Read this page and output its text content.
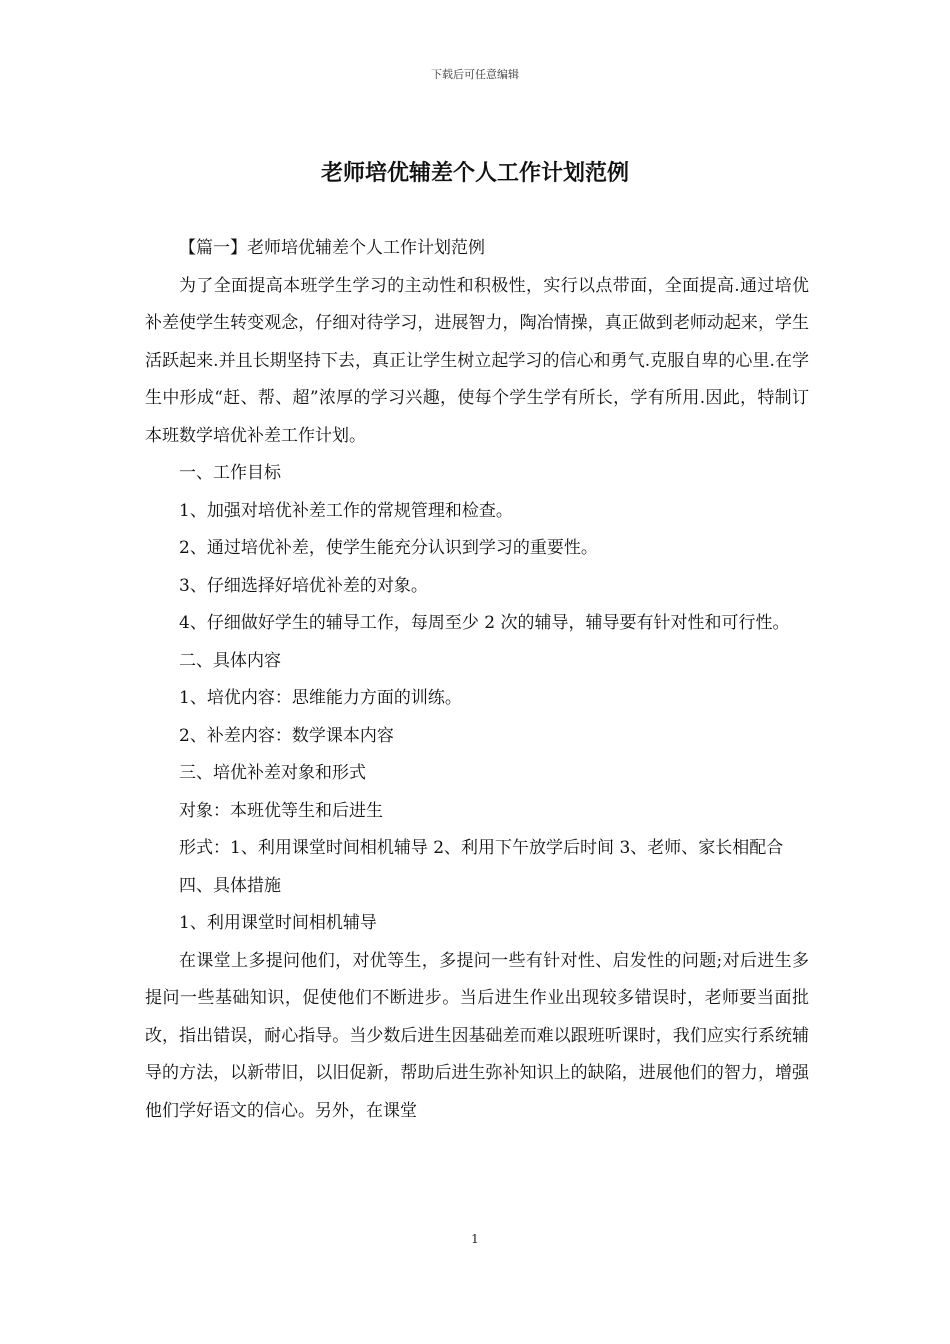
下载后可任意编辑
老师培优辅差个人工作计划范例

【篇一】老师培优辅差个人工作计划范例

为了全面提高本班学生学习的主动性和积极性，实行以点带面，全面提高.通过培优补差使学生转变观念，仔细对待学习，进展智力，陶冶情操，真正做到老师动起来，学生活跃起来.并且长期坚持下去，真正让学生树立起学习的信心和勇气.克服自卑的心里.在学生中形成“赶、帮、超”浓厚的学习兴趣，使每个学生学有所长，学有所用.因此，特制订本班数学培优补差工作计划。

一、工作目标

1、加强对培优补差工作的常规管理和检查。

2、通过培优补差，使学生能充分认识到学习的重要性。

3、仔细选择好培优补差的对象。

4、仔细做好学生的辅导工作，每周至少 2 次的辅导，辅导要有针对性和可行性。

二、具体内容

1、培优内容：思维能力方面的训练。

2、补差内容：数学课本内容

三、培优补差对象和形式

对象：本班优等生和后进生

形式：1、利用课堂时间相机辅导 2、利用下午放学后时间 3、老师、家长相配合

四、具体措施

1、利用课堂时间相机辅导

在课堂上多提问他们，对优等生，多提问一些有针对性、启发性的问题;对后进生多提问一些基础知识，促使他们不断进步。当后进生作业出现较多错误时，老师要当面批改，指出错误，耐心指导。当少数后进生因基础差而难以跟班听课时，我们应实行系统辅导的方法，以新带旧，以旧促新，帮助后进生弥补知识上的缺陷，进展他们的智力，增强他们学好语文的信心。另外，在课堂

1
